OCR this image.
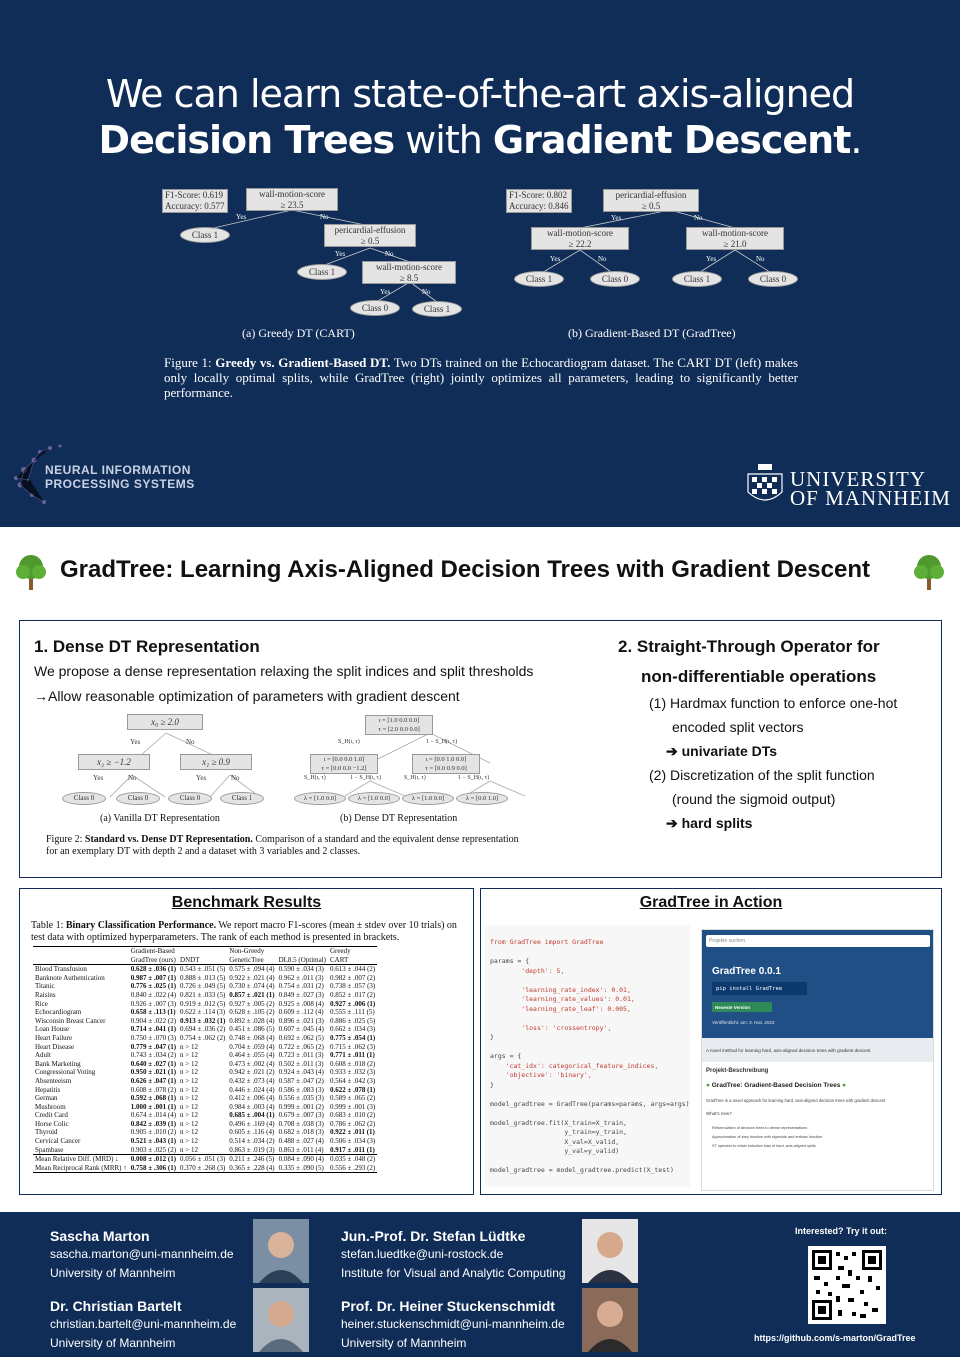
We can learn state-of-the-art axis-aligned
Decision Trees with Gradient Descent.
F1-Score: 0.619
Accuracy: 0.577
wall-motion-score
≥ 23.5
Yes	No
Class 1	pericardial-effusion
≥ 0.5
Yes	No
Class 1	wall-motion-score
≥ 8.5
Yes	No
Class 0	Class 1
(a) Greedy DT (CART)
F1-Score: 0.802
Accuracy: 0.846
pericardial-effusion
≥ 0.5
Yes	No
wall-motion-score
≥ 22.2
wall-motion-score
≥ 21.0
Yes	No	Yes	No
Class 1	Class 0	Class 1	Class 0
(b) Gradient-Based DT (GradTree)
Figure 1: Greedy vs. Gradient-Based DT. Two DTs trained on the Echocardiogram dataset. The CART DT (left) makes only locally optimal splits, while GradTree (right) jointly optimizes all parameters, leading to significantly better performance.
NEURAL INFORMATION
PROCESSING SYSTEMS	UNIVERSITY
OF MANNHEIM
GradTree: Learning Axis-Aligned Decision Trees with Gradient Descent
1. Dense DT Representation
We propose a dense representation relaxing the split indices and split thresholds
→Allow reasonable optimization of parameters with gradient descent
x₀ ≥ 2.0
Yes	No
x₂ ≥ −1.2	x₁ ≥ 0.9
Yes	No	Yes	No
Class 0	Class 0	Class 0	Class 1
(a) Vanilla DT Representation
ι = [1.0 0.0 0.0]
τ = [2.0 0.0 0.0]
S_H(ι, τ)	1 − S_H(ι, τ)
ι = [0.0 0.0 1.0]
τ = [0.0 0.0 −1.2]
ι = [0.0 1.0 0.0]
τ = [0.0 0.9 0.0]
S_H(ι, τ)	1 − S_H(ι, τ)	S_H(ι, τ)	1 − S_H(ι, τ)
λ = [1.0 0.0]	λ = [1.0 0.0]	λ = [1.0 0.0]	λ = [0.0 1.0]
(b) Dense DT Representation
Figure 2: Standard vs. Dense DT Representation. Comparison of a standard and the equivalent dense representation for an exemplary DT with depth 2 and a dataset with 3 variables and 2 classes.
2. Straight-Through Operator for
non-differentiable operations
(1) Hardmax function to enforce one-hot
encoded split vectors
➔ univariate DTs
(2) Discretization of the split function
(round the sigmoid output)
➔ hard splits
Benchmark Results
Table 1: Binary Classification Performance. We report macro F1-scores (mean ± stdev over 10 trials) on test data with optimized hyperparameters. The rank of each method is presented in brackets.
	Gradient-Based		Non-Greedy		Greedy
	GradTree (ours)	DNDT	GeneticTree	DL8.5 (Optimal)	CART
Blood Transfusion	0.628 ± .036 (1)	0.543 ± .051 (5)	0.575 ± .094 (4)	0.590 ± .034 (3)	0.613 ± .044 (2)
Banknote Authentication	0.987 ± .007 (1)	0.888 ± .013 (5)	0.922 ± .021 (4)	0.962 ± .011 (3)	0.982 ± .007 (2)
Titanic	0.776 ± .025 (1)	0.726 ± .049 (5)	0.730 ± .074 (4)	0.754 ± .031 (2)	0.738 ± .057 (3)
Raisins	0.840 ± .022 (4)	0.821 ± .033 (5)	0.857 ± .021 (1)	0.849 ± .027 (3)	0.852 ± .017 (2)
Rice	0.926 ± .007 (3)	0.919 ± .012 (5)	0.927 ± .005 (2)	0.925 ± .008 (4)	0.927 ± .006 (1)
Echocardiogram	0.658 ± .113 (1)	0.622 ± .114 (3)	0.628 ± .105 (2)	0.609 ± .112 (4)	0.555 ± .111 (5)
Wisconsin Breast Cancer	0.904 ± .022 (2)	0.913 ± .032 (1)	0.892 ± .028 (4)	0.896 ± .021 (3)	0.886 ± .025 (5)
Loan House	0.714 ± .041 (1)	0.694 ± .036 (2)	0.451 ± .086 (5)	0.607 ± .045 (4)	0.662 ± .034 (3)
Heart Failure	0.750 ± .070 (3)	0.754 ± .062 (2)	0.748 ± .068 (4)	0.692 ± .062 (5)	0.775 ± .054 (1)
Heart Disease	0.779 ± .047 (1)	n > 12	0.704 ± .059 (4)	0.722 ± .065 (2)	0.715 ± .062 (3)
Adult	0.743 ± .034 (2)	n > 12	0.464 ± .055 (4)	0.723 ± .011 (3)	0.771 ± .011 (1)
Bank Marketing	0.640 ± .027 (1)	n > 12	0.473 ± .002 (4)	0.502 ± .011 (3)	0.608 ± .018 (2)
Congressional Voting	0.950 ± .021 (1)	n > 12	0.942 ± .021 (2)	0.924 ± .043 (4)	0.933 ± .032 (3)
Absenteeism	0.626 ± .047 (1)	n > 12	0.432 ± .073 (4)	0.587 ± .047 (2)	0.564 ± .042 (3)
Hepatitis	0.608 ± .078 (2)	n > 12	0.446 ± .024 (4)	0.586 ± .083 (3)	0.622 ± .078 (1)
German	0.592 ± .068 (1)	n > 12	0.412 ± .006 (4)	0.556 ± .035 (3)	0.589 ± .065 (2)
Mushroom	1.000 ± .001 (1)	n > 12	0.984 ± .003 (4)	0.999 ± .001 (2)	0.999 ± .001 (3)
Credit Card	0.674 ± .014 (4)	n > 12	0.685 ± .004 (1)	0.679 ± .007 (3)	0.683 ± .010 (2)
Horse Colic	0.842 ± .039 (1)	n > 12	0.496 ± .169 (4)	0.708 ± .038 (3)	0.786 ± .062 (2)
Thyroid	0.905 ± .010 (2)	n > 12	0.605 ± .116 (4)	0.682 ± .018 (3)	0.922 ± .011 (1)
Cervical Cancer	0.521 ± .043 (1)	n > 12	0.514 ± .034 (2)	0.488 ± .027 (4)	0.506 ± .034 (3)
Spambase	0.903 ± .025 (2)	n > 12	0.863 ± .019 (3)	0.863 ± .011 (4)	0.917 ± .011 (1)
Mean Relative Diff. (MRD) ↓	0.008 ± .012 (1)	0.056 ± .051 (3)	0.211 ± .246 (5)	0.084 ± .090 (4)	0.035 ± .048 (2)
Mean Reciprocal Rank (MRR) ↑	0.758 ± .306 (1)	0.370 ± .268 (3)	0.365 ± .228 (4)	0.335 ± .090 (5)	0.556 ± .293 (2)
GradTree in Action
from GradTree import GradTree
params = {
'depth': 5,
'learning_rate_index': 0.01,
'learning_rate_values': 0.01,
'learning_rate_leaf': 0.005,
'loss': 'crossentropy',
}
args = {
'cat_idx': categorical_feature_indices,
'objective': 'binary',
}
model_gradtree = GradTree(params=params, args=args)
model_gradtree.fit(X_train=X_train,
y_train=y_train,
X_val=X_valid,
y_val=y_valid)
model_gradtree = model_gradtree.predict(X_test)
Projekte suchen
GradTree 0.0.1
pip install GradTree
Neueste Version
Veröffentlicht: am: 3. Nov. 2023
A novel method for learning hard, axis-aligned decision trees with gradient descent
Projekt-Beschreibung
● GradTree: Gradient-Based Decision Trees ●
GradTree is a novel approach for learning hard, axis-aligned decision trees with gradient descent
What's new?
Reformulation of decision trees to dense representations
Approximation of step function with sigmoids and entmax function
ST operator to retain inductive bias of hard, axis-aligned splits
Sascha Marton
sascha.marton@uni-mannheim.de
University of Mannheim
Jun.-Prof. Dr. Stefan Lüdtke
stefan.luedtke@uni-rostock.de
Institute for Visual and Analytic Computing
Dr. Christian Bartelt
christian.bartelt@uni-mannheim.de
University of Mannheim
Prof. Dr. Heiner Stuckenschmidt
heiner.stuckenschmidt@uni-mannheim.de
University of Mannheim
Interested? Try it out:
https://github.com/s-marton/GradTree
